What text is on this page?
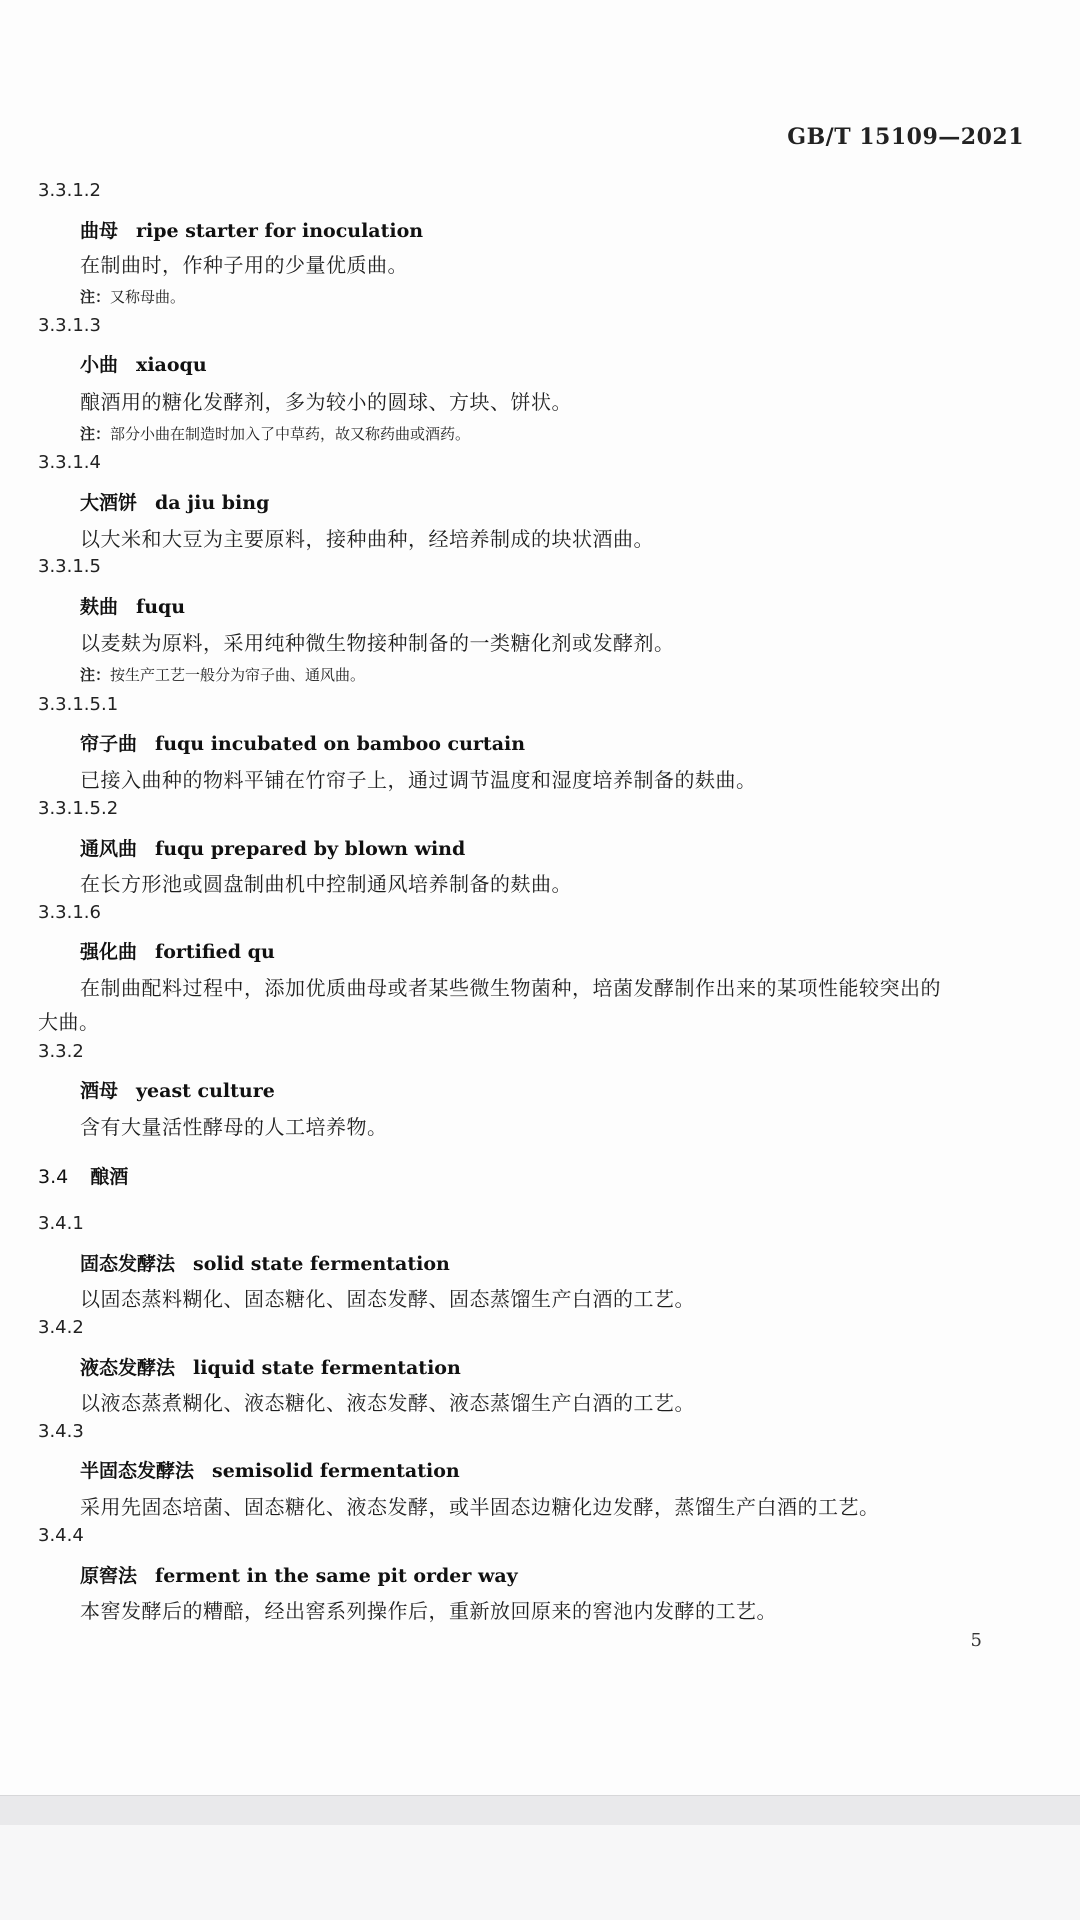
GB/T 15109—2021
3.3.1.2
曲母 ripe starter for inoculation
在制曲时，作种子用的少量优质曲。
注：又称母曲。
3.3.1.3
小曲 xiaoqu
酿酒用的糖化发酵剂，多为较小的圆球、方块、饼状。
注：部分小曲在制造时加入了中草药，故又称药曲或酒药。
3.3.1.4
大酒饼 da jiu bing
以大米和大豆为主要原料，接种曲种，经培养制成的块状酒曲。
3.3.1.5
麸曲 fuqu
以麦麸为原料，采用纯种微生物接种制备的一类糖化剂或发酵剂。
注：按生产工艺一般分为帘子曲、通风曲。
3.3.1.5.1
帘子曲 fuqu incubated on bamboo curtain
已接入曲种的物料平铺在竹帘子上，通过调节温度和湿度培养制备的麸曲。
3.3.1.5.2
通风曲 fuqu prepared by blown wind
在长方形池或圆盘制曲机中控制通风培养制备的麸曲。
3.3.1.6
强化曲 fortified qu
在制曲配料过程中，添加优质曲母或者某些微生物菌种，培菌发酵制作出来的某项性能较突出的
大曲。
3.3.2
酒母 yeast culture
含有大量活性酵母的人工培养物。
3.4 酿酒
3.4.1
固态发酵法 solid state fermentation
以固态蒸料糊化、固态糖化、固态发酵、固态蒸馏生产白酒的工艺。
3.4.2
液态发酵法 liquid state fermentation
以液态蒸煮糊化、液态糖化、液态发酵、液态蒸馏生产白酒的工艺。
3.4.3
半固态发酵法 semisolid fermentation
采用先固态培菌、固态糖化、液态发酵，或半固态边糖化边发酵，蒸馏生产白酒的工艺。
3.4.4
原窖法 ferment in the same pit order way
本窖发酵后的糟醅，经出窖系列操作后，重新放回原来的窖池内发酵的工艺。
5
